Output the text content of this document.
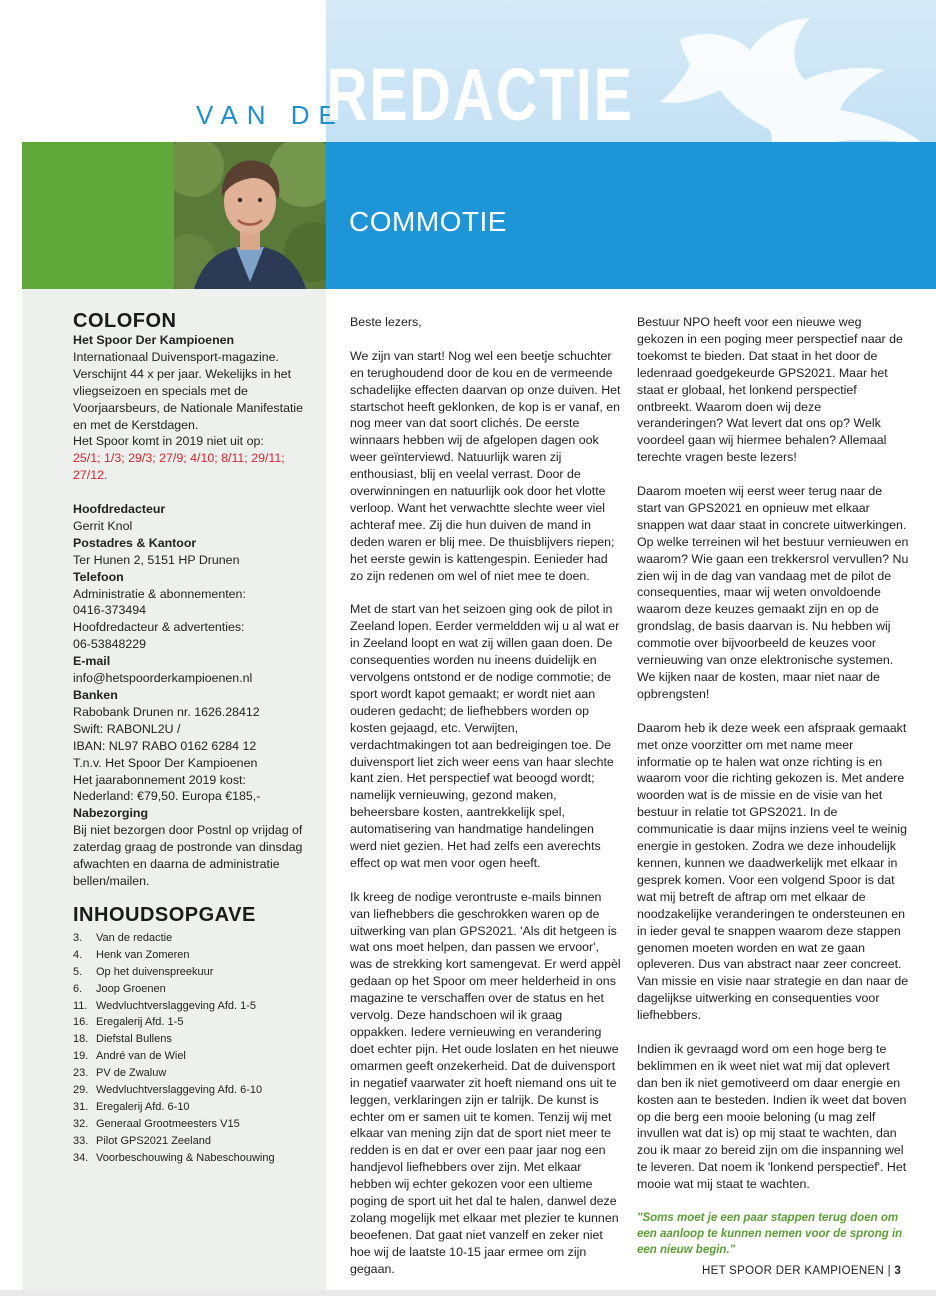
VAN DE
REDACTIE
COMMOTIE
COLOFON
Het Spoor Der Kampioenen
Internationaal Duivensport-magazine. Verschijnt 44 x per jaar. Wekelijks in het vliegseizoen en specials met de Voorjaarsbeurs, de Nationale Manifestatie en met de Kerstdagen.
Het Spoor komt in 2019 niet uit op:
25/1; 1/3; 29/3; 27/9; 4/10; 8/11; 29/11; 27/12.
Hoofdredacteur
Gerrit Knol
Postadres & Kantoor
Ter Hunen 2, 5151 HP Drunen
Telefoon
Administratie & abonnementen:
0416-373494
Hoofdredacteur & advertenties:
06-53848229
E-mail
info@hetspoorderkampioenen.nl
Banken
Rabobank Drunen nr. 1626.28412
Swift: RABONL2U /
IBAN: NL97 RABO 0162 6284 12
T.n.v. Het Spoor Der Kampioenen
Het jaarabonnement 2019 kost:
Nederland: €79,50. Europa €185,-
Nabezorging
Bij niet bezorgen door Postnl op vrijdag of zaterdag graag de postronde van dinsdag afwachten en daarna de administratie bellen/mailen.
INHOUDSOPGAVE
3.	Van de redactie
4.	Henk van Zomeren
5.	Op het duivenspreekuur
6.	Joop Groenen
11. Wedvluchtverslaggeving Afd. 1-5
16. Eregalerij Afd. 1-5
18. Diefstal Bullens
19. André van de Wiel
23. PV de Zwaluw
29. Wedvluchtverslaggeving Afd. 6-10
31. Eregalerij Afd. 6-10
32. Generaal Grootmeesters V15
33. Pilot GPS2021 Zeeland
34. Voorbeschouwing & Nabeschouwing

Beste lezers,

We zijn van start! Nog wel een beetje schuchter en terughoudend door de kou en de vermeende schadelijke effecten daarvan op onze duiven. Het startschot heeft geklonken, de kop is er vanaf, en nog meer van dat soort clichés. De eerste winnaars hebben wij de afgelopen dagen ook weer geïnterviewd. Natuurlijk waren zij enthousiast, blij en veelal verrast. Door de overwinningen en natuurlijk ook door het vlotte verloop. Want het verwachtte slechte weer viel achteraf mee. Zij die hun duiven de mand in deden waren er blij mee. De thuisblijvers riepen; het eerste gewin is kattengespin. Eenieder had zo zijn redenen om wel of niet mee te doen.

Met de start van het seizoen ging ook de pilot in Zeeland lopen. Eerder vermeldden wij u al wat er in Zeeland loopt en wat zij willen gaan doen. De consequenties worden nu ineens duidelijk en vervolgens ontstond er de nodige commotie; de sport wordt kapot gemaakt; er wordt niet aan ouderen gedacht; de liefhebbers worden op kosten gejaagd, etc. Verwijten, verdachtmakingen tot aan bedreigingen toe. De duivensport liet zich weer eens van haar slechte kant zien. Het perspectief wat beoogd wordt; namelijk vernieuwing, gezond maken, beheersbare kosten, aantrekkelijk spel, automatisering van handmatige handelingen werd niet gezien. Het had zelfs een averechts effect op wat men voor ogen heeft.

Ik kreeg de nodige verontruste e-mails binnen van liefhebbers die geschrokken waren op de uitwerking van plan GPS2021. 'Als dit hetgeen is wat ons moet helpen, dan passen we ervoor', was de strekking kort samengevat. Er werd appèl gedaan op het Spoor om meer helderheid in ons magazine te verschaffen over de status en het vervolg. Deze handschoen wil ik graag oppakken. Iedere vernieuwing en verandering doet echter pijn. Het oude loslaten en het nieuwe omarmen geeft onzekerheid. Dat de duivensport in negatief vaarwater zit hoeft niemand ons uit te leggen, verklaringen zijn er talrijk. De kunst is echter om er samen uit te komen. Tenzij wij met elkaar van mening zijn dat de sport niet meer te redden is en dat er over een paar jaar nog een handjevol liefhebbers over zijn. Met elkaar hebben wij echter gekozen voor een ultieme poging de sport uit het dal te halen, danwel deze zolang mogelijk met elkaar met plezier te kunnen beoefenen. Dat gaat niet vanzelf en zeker niet hoe wij de laatste 10-15 jaar ermee om zijn gegaan.

Bestuur NPO heeft voor een nieuwe weg gekozen in een poging meer perspectief naar de toekomst te bieden. Dat staat in het door de ledenraad goedgekeurde GPS2021. Maar het staat er globaal, het lonkend perspectief ontbreekt. Waarom doen wij deze veranderingen? Wat levert dat ons op? Welk voordeel gaan wij hiermee behalen? Allemaal terechte vragen beste lezers!

Daarom moeten wij eerst weer terug naar de start van GPS2021 en opnieuw met elkaar snappen wat daar staat in concrete uitwerkingen. Op welke terreinen wil het bestuur vernieuwen en waarom? Wie gaan een trekkersrol vervullen? Nu zien wij in de dag van vandaag met de pilot de consequenties, maar wij weten onvoldoende waarom deze keuzes gemaakt zijn en op de grondslag, de basis daarvan is. Nu hebben wij commotie over bijvoorbeeld de keuzes voor vernieuwing van onze elektronische systemen. We kijken naar de kosten, maar niet naar de opbrengsten!

Daarom heb ik deze week een afspraak gemaakt met onze voorzitter om met name meer informatie op te halen wat onze richting is en waarom voor die richting gekozen is. Met andere woorden wat is de missie en de visie van het bestuur in relatie tot GPS2021. In de communicatie is daar mijns inziens veel te weinig energie in gestoken. Zodra we deze inhoudelijk kennen, kunnen we daadwerkelijk met elkaar in gesprek komen. Voor een volgend Spoor is dat wat mij betreft de aftrap om met elkaar de noodzakelijke veranderingen te ondersteunen en in ieder geval te snappen waarom deze stappen genomen moeten worden en wat ze gaan opleveren. Dus van abstract naar zeer concreet. Van missie en visie naar strategie en dan naar de dagelijkse uitwerking en consequenties voor liefhebbers.

Indien ik gevraagd word om een hoge berg te beklimmen en ik weet niet wat mij dat oplevert dan ben ik niet gemotiveerd om daar energie en kosten aan te besteden. Indien ik weet dat boven op die berg een mooie beloning (u mag zelf invullen wat dat is) op mij staat te wachten, dan zou ik maar zo bereid zijn om die inspanning wel te leveren. Dat noem ik 'lonkend perspectief'. Het mooie wat mij staat te wachten.

"Soms moet je een paar stappen terug doen om een aanloop te kunnen nemen voor de sprong in een nieuw begin."

HET SPOOR DER KAMPIOENEN | 3
